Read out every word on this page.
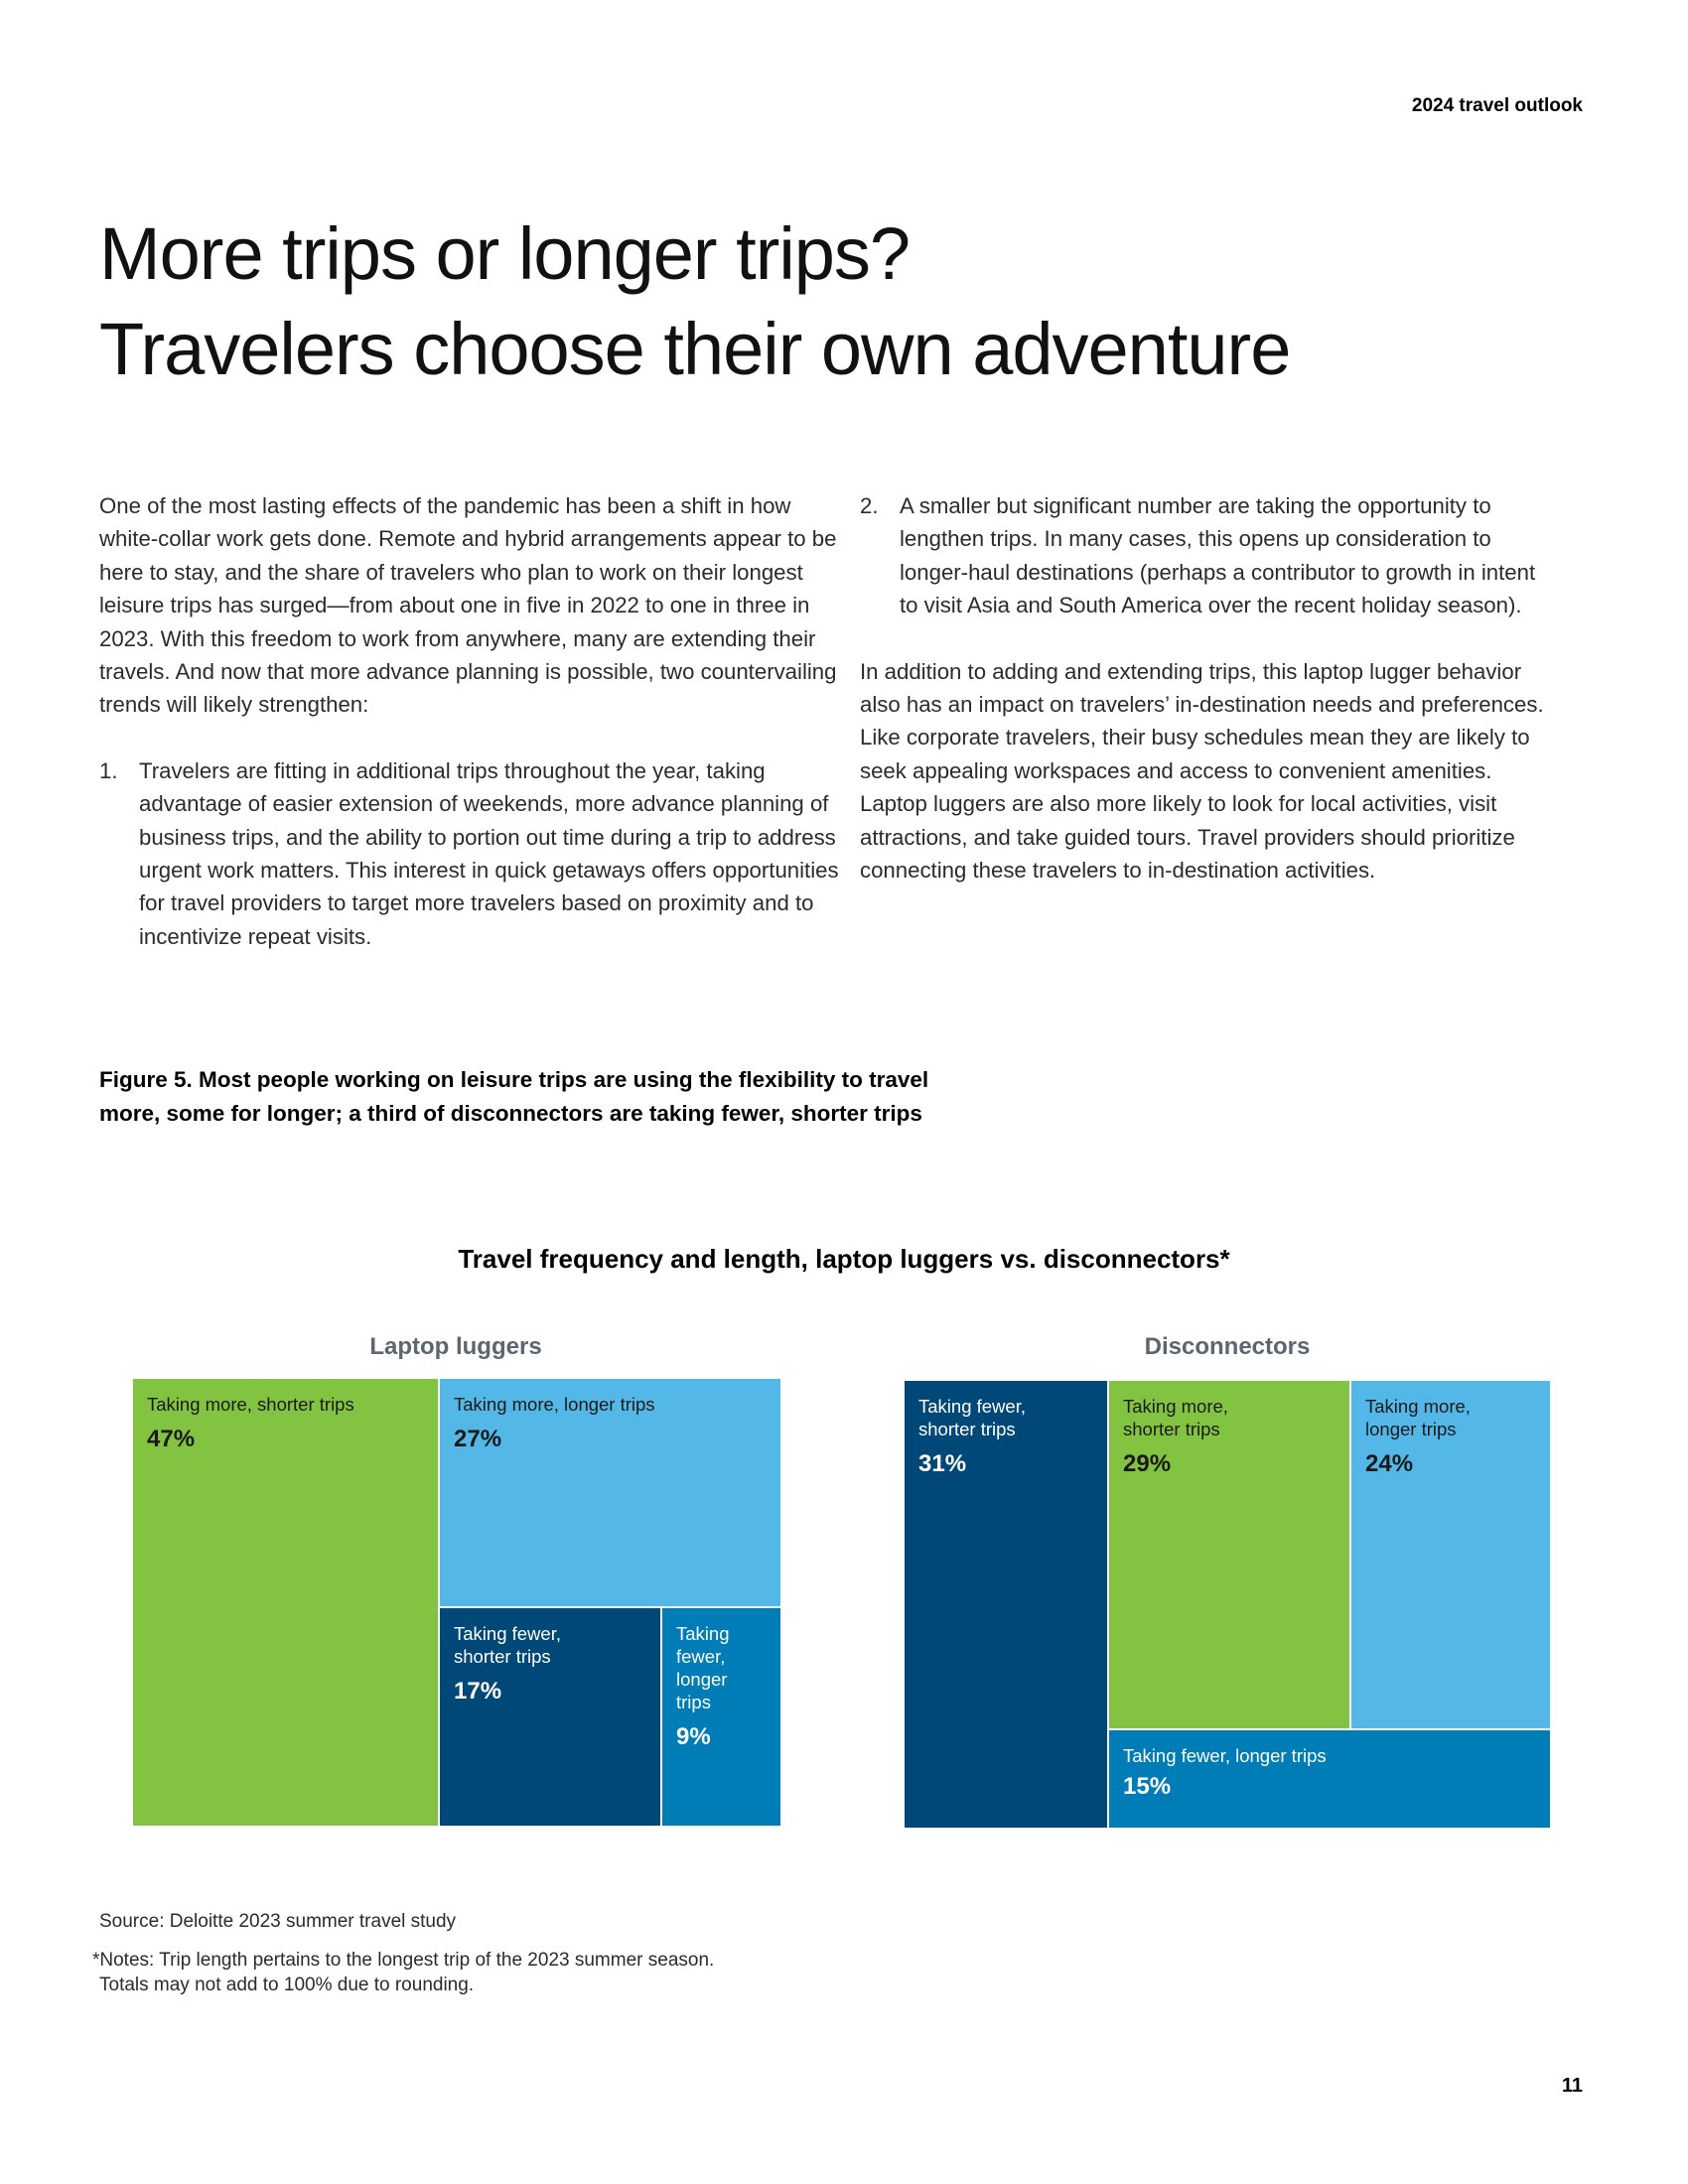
2024 travel outlook
More trips or longer trips?
Travelers choose their own adventure

One of the most lasting effects of the pandemic has been a shift in how white-collar work gets done. Remote and hybrid arrangements appear to be here to stay, and the share of travelers who plan to work on their longest leisure trips has surged—from about one in five in 2022 to one in three in 2023. With this freedom to work from anywhere, many are extending their travels. And now that more advance planning is possible, two countervailing trends will likely strengthen:

1. Travelers are fitting in additional trips throughout the year, taking advantage of easier extension of weekends, more advance planning of business trips, and the ability to portion out time during a trip to address urgent work matters. This interest in quick getaways offers opportunities for travel providers to target more travelers based on proximity and to incentivize repeat visits.

2. A smaller but significant number are taking the opportunity to lengthen trips. In many cases, this opens up consideration to longer-haul destinations (perhaps a contributor to growth in intent to visit Asia and South America over the recent holiday season).

In addition to adding and extending trips, this laptop lugger behavior also has an impact on travelers’ in-destination needs and preferences. Like corporate travelers, their busy schedules mean they are likely to seek appealing workspaces and access to convenient amenities. Laptop luggers are also more likely to look for local activities, visit attractions, and take guided tours. Travel providers should prioritize connecting these travelers to in-destination activities.

Figure 5. Most people working on leisure trips are using the flexibility to travel
more, some for longer; a third of disconnectors are taking fewer, shorter trips
Travel frequency and length, laptop luggers vs. disconnectors*
Laptop luggers	Disconnectors
Taking more, shorter trips
47%
Taking more, longer trips
27%
Taking fewer, shorter trips
17%
Taking fewer, longer trips
9%
Taking fewer, shorter trips
31%
Taking more, shorter trips
29%
Taking more, longer trips
24%
Taking fewer, longer trips
15%
Source: Deloitte 2023 summer travel study
*Notes: Trip length pertains to the longest trip of the 2023 summer season.
Totals may not add to 100% due to rounding.
11
